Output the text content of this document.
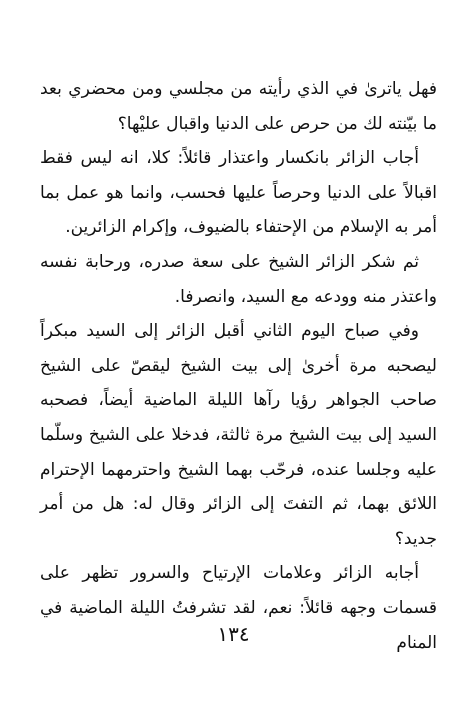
فهل ياترىٰ في الذي رأيته من مجلسي ومن محضري بعد ما بيّنته لك من حرص على الدنيا واقبال عليْها؟

أجاب الزائر بانكسار واعتذار قائلاً: كلا، انه ليس فقط اقبالاً على الدنيا وحرصاً عليها فحسب، وانما هو عمل بما أمر به الإسلام من الإحتفاء بالضيوف، وإكرام الزائرين.

ثم شكر الزائر الشيخ على سعة صدره، ورحابة نفسه واعتذر منه وودعه مع السيد، وانصرفا.

وفي صباح اليوم الثاني أقبل الزائر إلى السيد مبكراً ليصحبه مرة أخرىٰ إلى بيت الشيخ ليقصّ على الشيخ صاحب الجواهر رؤيا رآها الليلة الماضية أيضاً، فصحبه السيد إلى بيت الشيخ مرة ثالثة، فدخلا على الشيخ وسلّما عليه وجلسا عنده، فرحّب بهما الشيخ واحترمهما الإحترام اللائق بهما، ثم التفتَ إلى الزائر وقال له: هل من أمر جديد؟

أجابه الزائر وعلامات الإرتياح والسرور تظهر على قسمات وجهه قائلاً: نعم، لقد تشرفتُ الليلة الماضية في المنام

١٣٤
